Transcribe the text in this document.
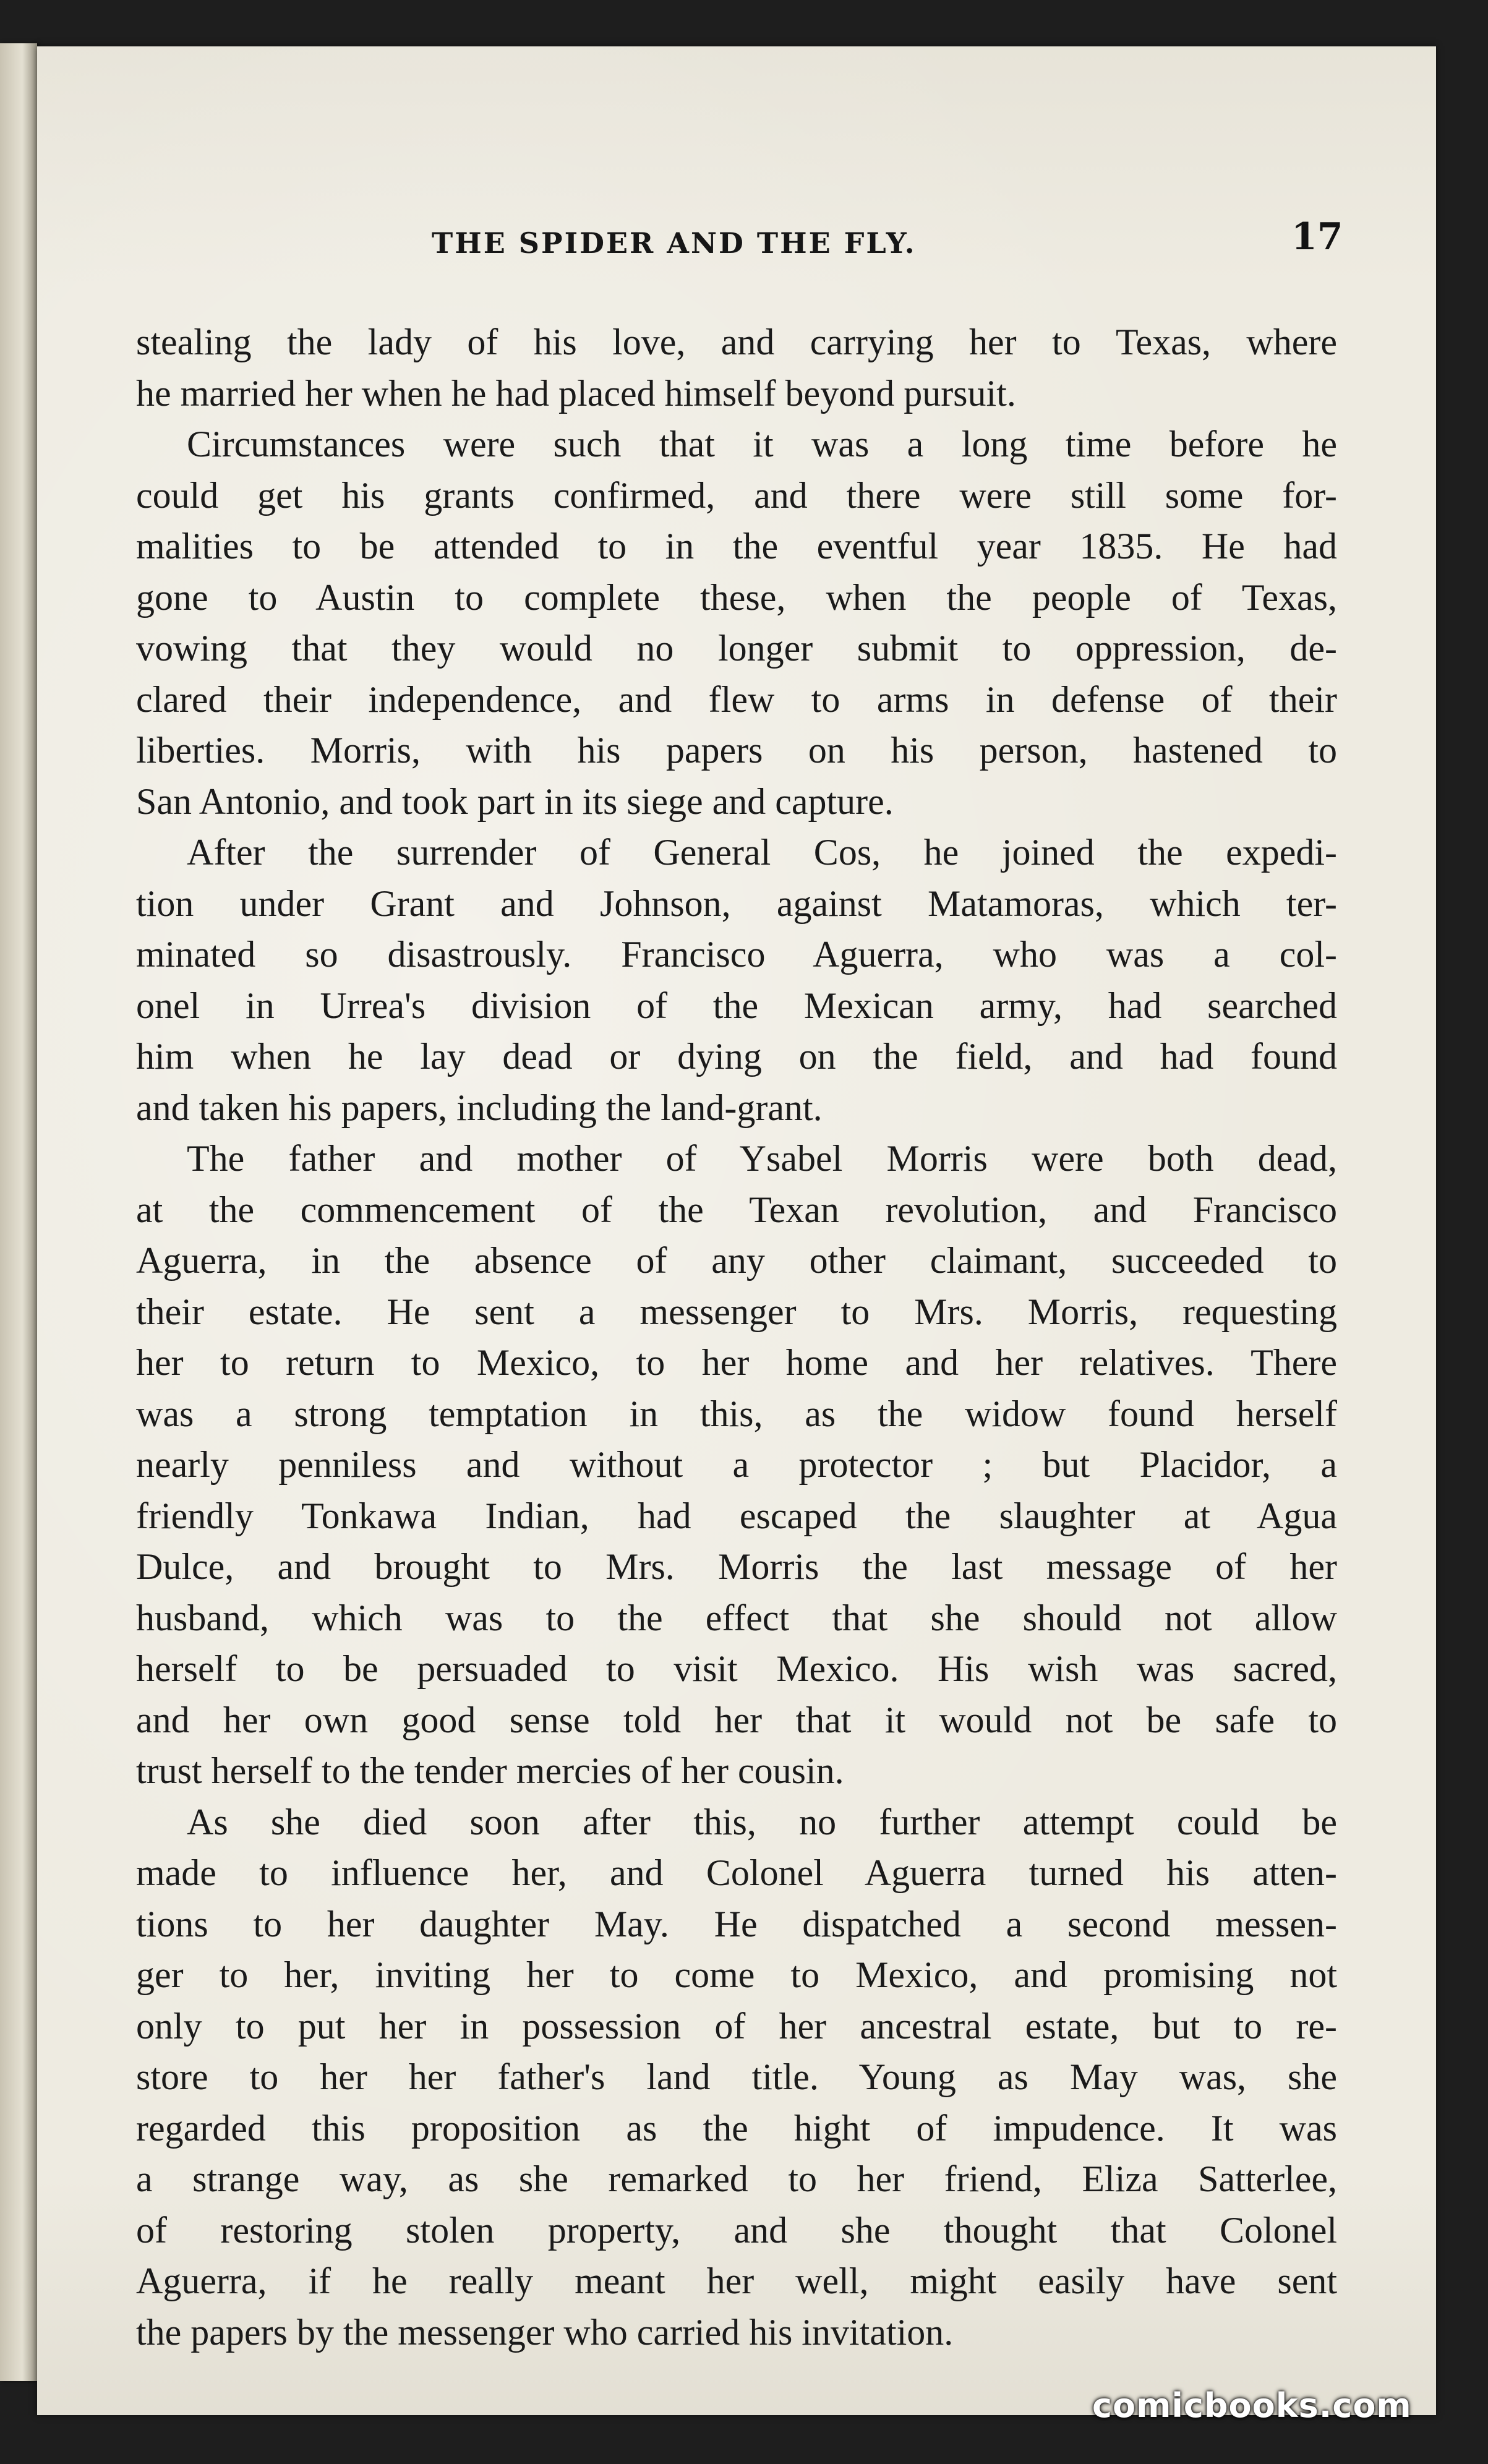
THE SPIDER AND THE FLY.	17
stealing the lady of his love, and carrying her to Texas, where
he married her when he had placed himself beyond pursuit.
Circumstances were such that it was a long time before he
could get his grants confirmed, and there were still some for-
malities to be attended to in the eventful year 1835. He had
gone to Austin to complete these, when the people of Texas,
vowing that they would no longer submit to oppression, de-
clared their independence, and flew to arms in defense of their
liberties. Morris, with his papers on his person, hastened to
San Antonio, and took part in its siege and capture.
After the surrender of General Cos, he joined the expedi-
tion under Grant and Johnson, against Matamoras, which ter-
minated so disastrously. Francisco Aguerra, who was a col-
onel in Urrea's division of the Mexican army, had searched
him when he lay dead or dying on the field, and had found
and taken his papers, including the land-grant.
The father and mother of Ysabel Morris were both dead,
at the commencement of the Texan revolution, and Francisco
Aguerra, in the absence of any other claimant, succeeded to
their estate. He sent a messenger to Mrs. Morris, requesting
her to return to Mexico, to her home and her relatives. There
was a strong temptation in this, as the widow found herself
nearly penniless and without a protector ; but Placidor, a
friendly Tonkawa Indian, had escaped the slaughter at Agua
Dulce, and brought to Mrs. Morris the last message of her
husband, which was to the effect that she should not allow
herself to be persuaded to visit Mexico. His wish was sacred,
and her own good sense told her that it would not be safe to
trust herself to the tender mercies of her cousin.
As she died soon after this, no further attempt could be
made to influence her, and Colonel Aguerra turned his atten-
tions to her daughter May. He dispatched a second messen-
ger to her, inviting her to come to Mexico, and promising not
only to put her in possession of her ancestral estate, but to re-
store to her her father's land title. Young as May was, she
regarded this proposition as the hight of impudence. It was
a strange way, as she remarked to her friend, Eliza Satterlee,
of restoring stolen property, and she thought that Colonel
Aguerra, if he really meant her well, might easily have sent
the papers by the messenger who carried his invitation.
comicbooks.com
